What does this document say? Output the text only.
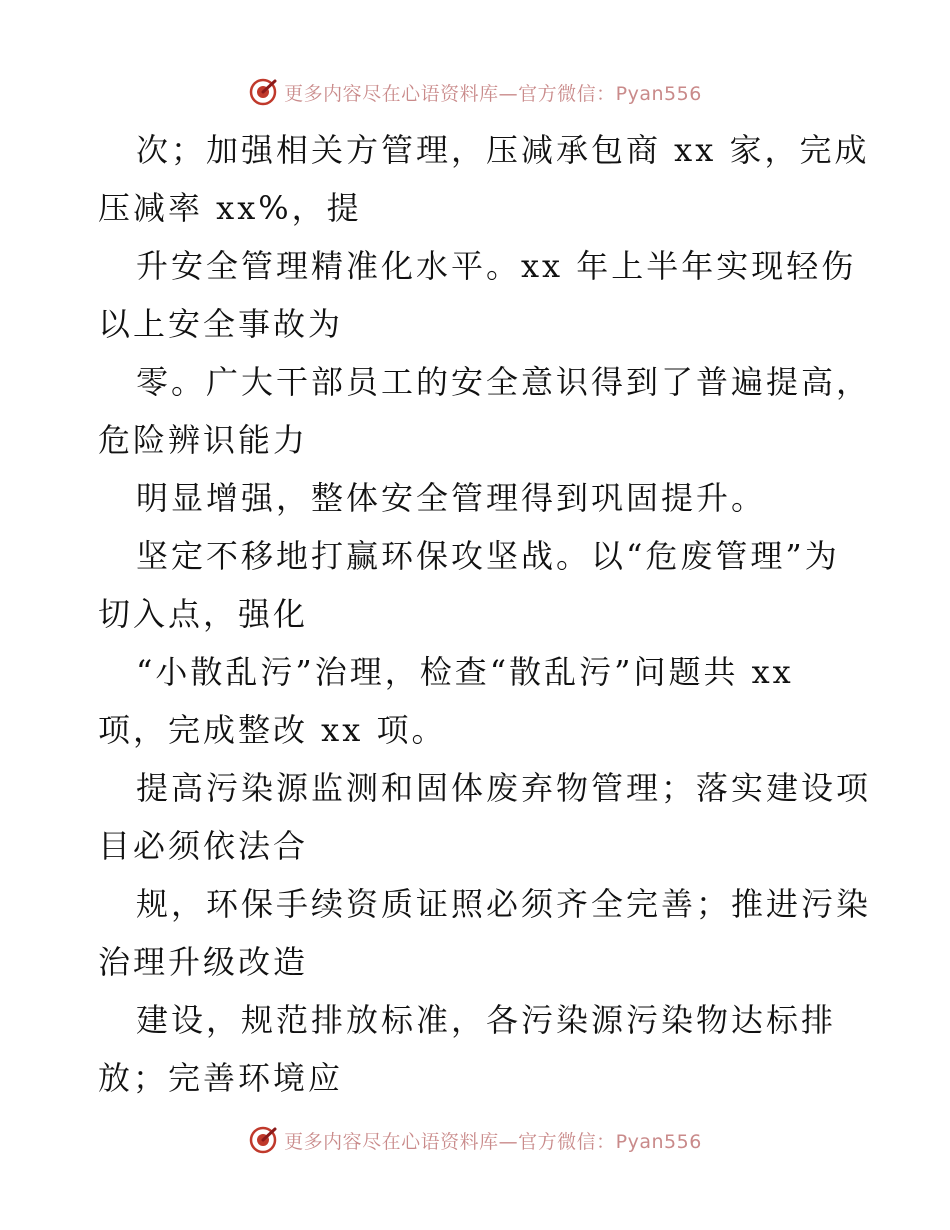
更多内容尽在心语资料库—官方微信：Pyan556
次；加强相关方管理，压减承包商 xx 家，完成
压减率 xx%，提
升安全管理精准化水平。xx 年上半年实现轻伤
以上安全事故为
零。广大干部员工的安全意识得到了普遍提高，
危险辨识能力
明显增强，整体安全管理得到巩固提升。
坚定不移地打赢环保攻坚战。以“危废管理”为
切入点，强化
“小散乱污”治理，检查“散乱污”问题共 xx
项，完成整改 xx 项。
提高污染源监测和固体废弃物管理；落实建设项
目必须依法合
规，环保手续资质证照必须齐全完善；推进污染
治理升级改造
建设，规范排放标准，各污染源污染物达标排
放；完善环境应
更多内容尽在心语资料库—官方微信：Pyan556
